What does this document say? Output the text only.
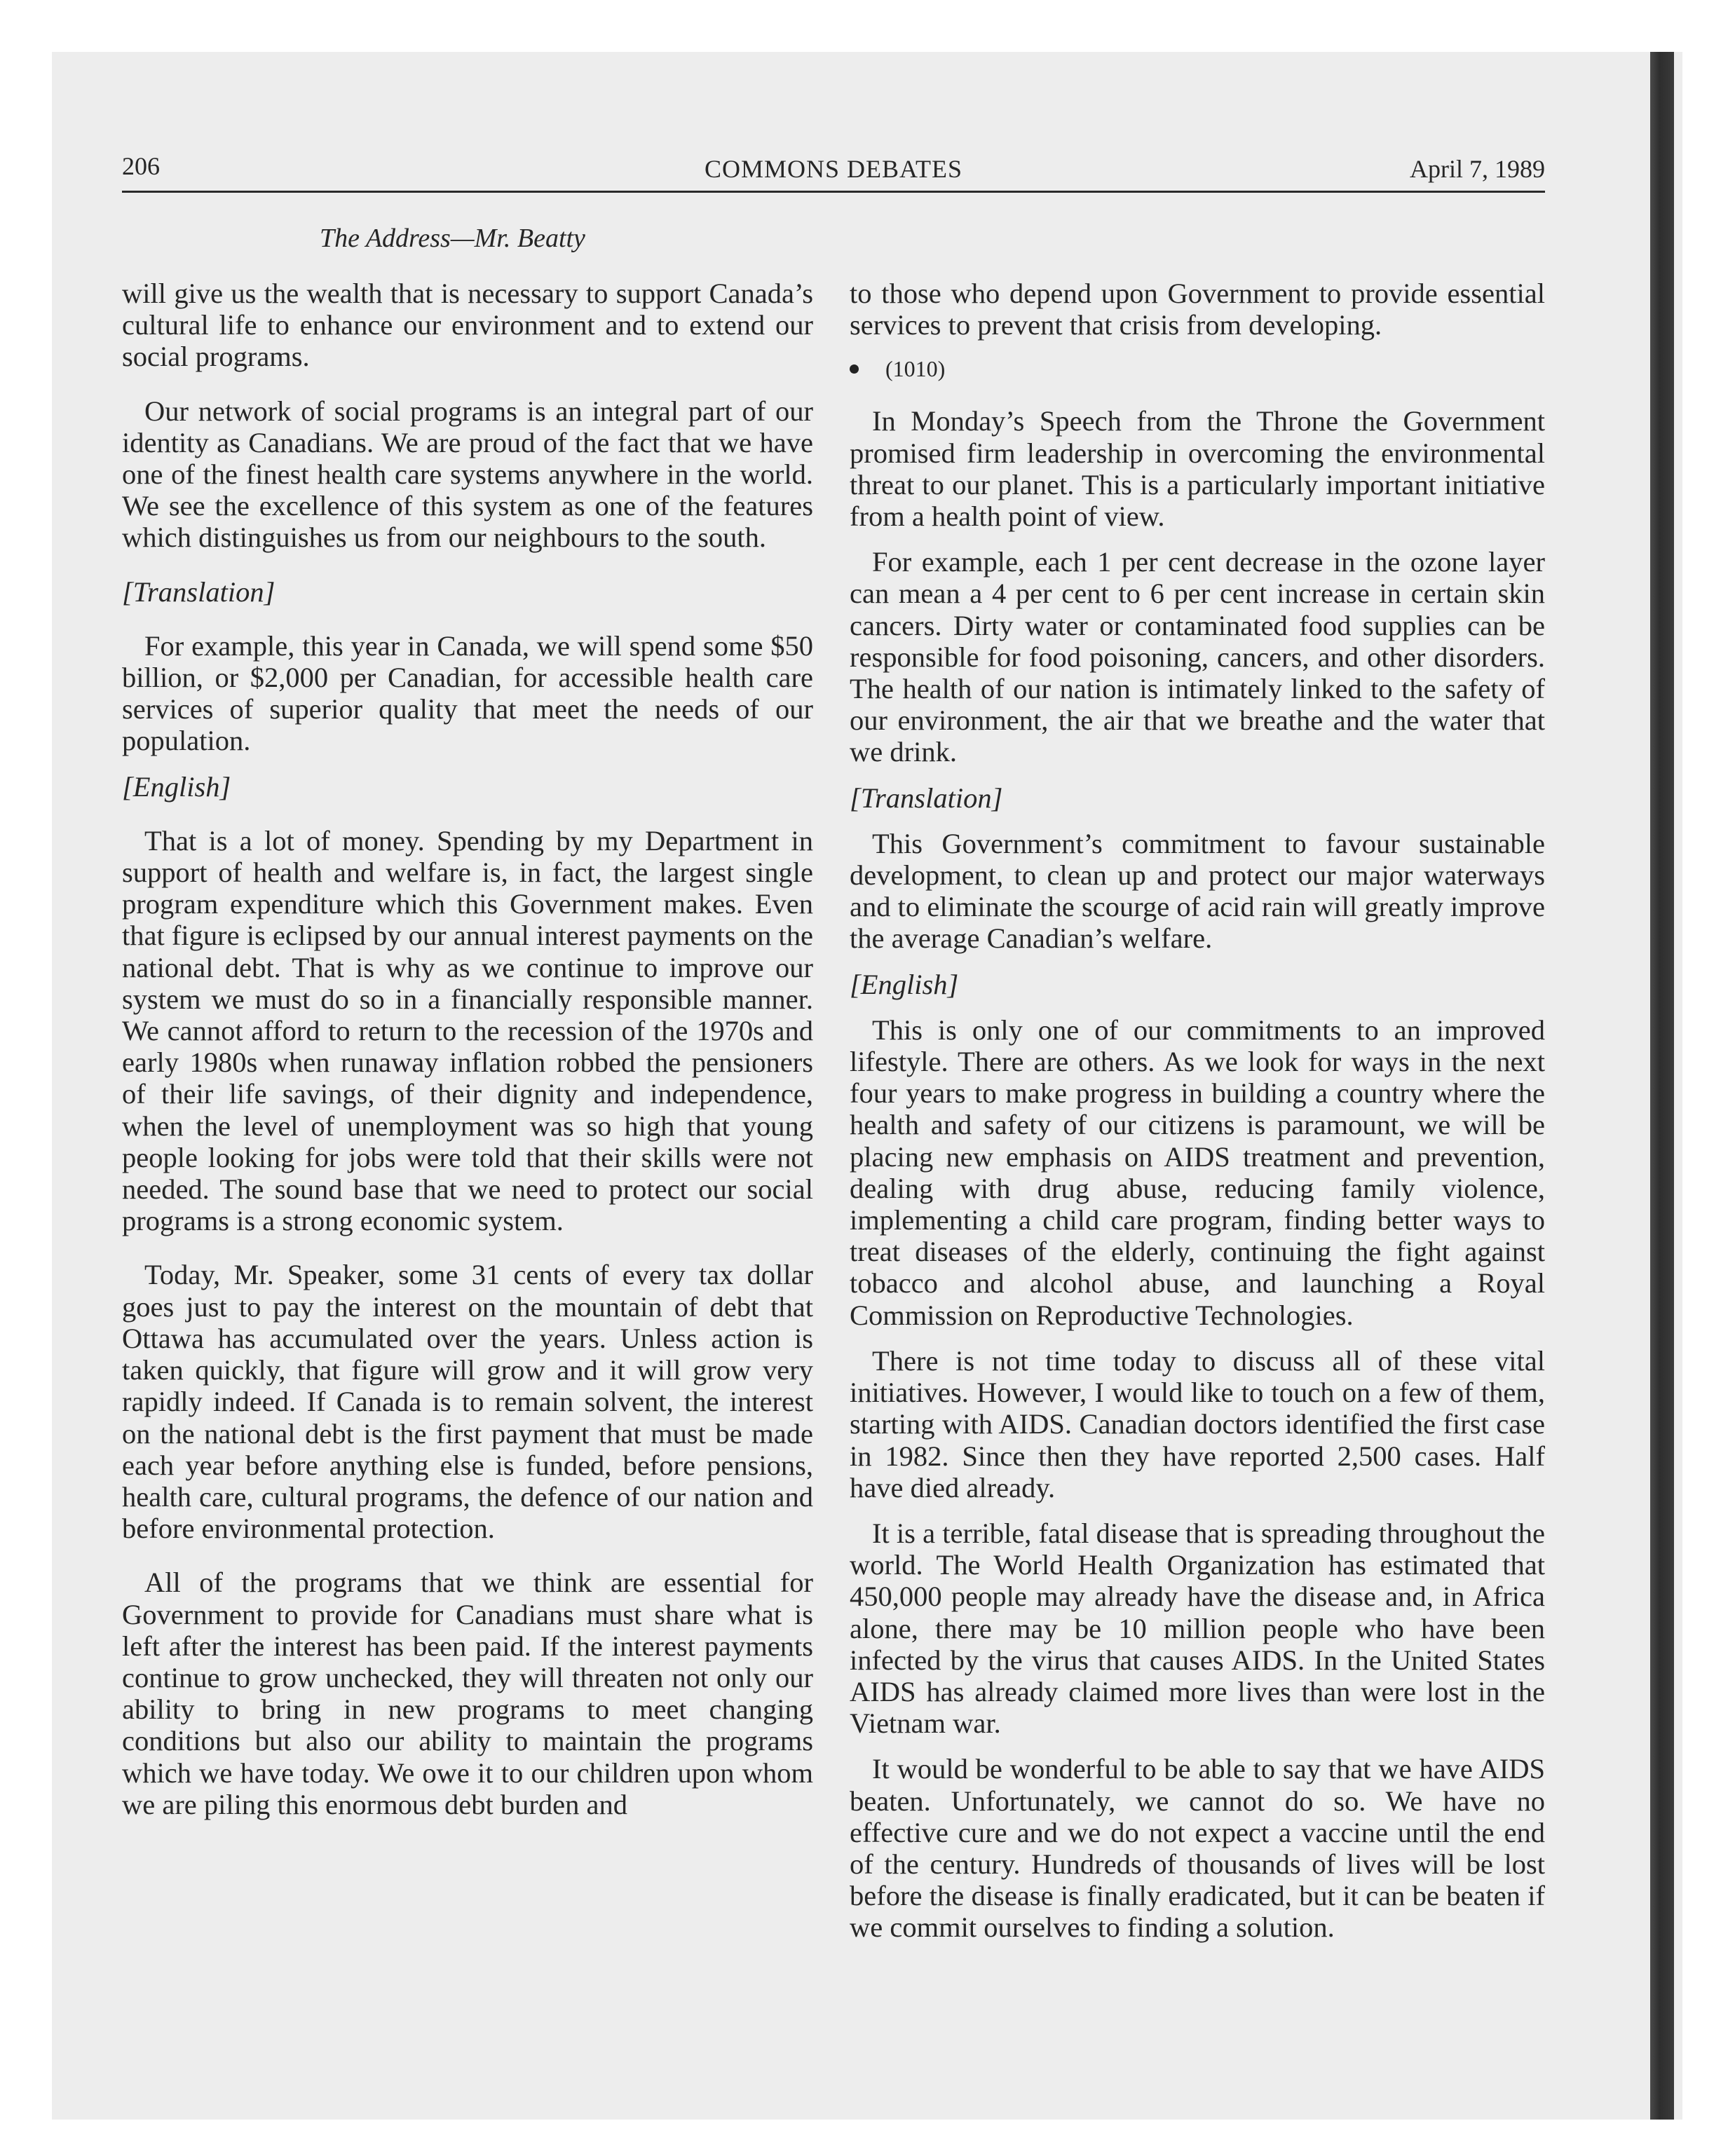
206	COMMONS DEBATES	April 7, 1989
The Address—Mr. Beatty

will give us the wealth that is necessary to support Canada’s cultural life to enhance our environment and to extend our social programs.

Our network of social programs is an integral part of our identity as Canadians. We are proud of the fact that we have one of the finest health care systems anywhere in the world. We see the excellence of this system as one of the features which distinguishes us from our neighbours to the south.

[Translation]

For example, this year in Canada, we will spend some $50 billion, or $2,000 per Canadian, for accessible health care services of superior quality that meet the needs of our population.

[English]

That is a lot of money. Spending by my Department in support of health and welfare is, in fact, the largest single program expenditure which this Government makes. Even that figure is eclipsed by our annual interest payments on the national debt. That is why as we continue to improve our system we must do so in a financially responsible manner. We cannot afford to return to the recession of the 1970s and early 1980s when runaway inflation robbed the pensioners of their life savings, of their dignity and independence, when the level of unemployment was so high that young people looking for jobs were told that their skills were not needed. The sound base that we need to protect our social programs is a strong economic system.

Today, Mr. Speaker, some 31 cents of every tax dollar goes just to pay the interest on the mountain of debt that Ottawa has accumulated over the years. Unless action is taken quickly, that figure will grow and it will grow very rapidly indeed. If Canada is to remain solvent, the interest on the national debt is the first payment that must be made each year before anything else is funded, before pensions, health care, cultural programs, the defence of our nation and before environmental protection.

All of the programs that we think are essential for Government to provide for Canadians must share what is left after the interest has been paid. If the interest payments continue to grow unchecked, they will threaten not only our ability to bring in new programs to meet changing conditions but also our ability to maintain the programs which we have today. We owe it to our children upon whom we are piling this enormous debt burden and

to those who depend upon Government to provide essential services to prevent that crisis from developing.

(1010)

In Monday’s Speech from the Throne the Government promised firm leadership in overcoming the environmental threat to our planet. This is a particularly important initiative from a health point of view.

For example, each 1 per cent decrease in the ozone layer can mean a 4 per cent to 6 per cent increase in certain skin cancers. Dirty water or contaminated food supplies can be responsible for food poisoning, cancers, and other disorders. The health of our nation is intimately linked to the safety of our environment, the air that we breathe and the water that we drink.

[Translation]

This Government’s commitment to favour sustainable development, to clean up and protect our major waterways and to eliminate the scourge of acid rain will greatly improve the average Canadian’s welfare.

[English]

This is only one of our commitments to an improved lifestyle. There are others. As we look for ways in the next four years to make progress in building a country where the health and safety of our citizens is paramount, we will be placing new emphasis on AIDS treatment and prevention, dealing with drug abuse, reducing family violence, implementing a child care program, finding better ways to treat diseases of the elderly, continuing the fight against tobacco and alcohol abuse, and launching a Royal Commission on Reproductive Technologies.

There is not time today to discuss all of these vital initiatives. However, I would like to touch on a few of them, starting with AIDS. Canadian doctors identified the first case in 1982. Since then they have reported 2,500 cases. Half have died already.

It is a terrible, fatal disease that is spreading throughout the world. The World Health Organization has estimated that 450,000 people may already have the disease and, in Africa alone, there may be 10 million people who have been infected by the virus that causes AIDS. In the United States AIDS has already claimed more lives than were lost in the Vietnam war.

It would be wonderful to be able to say that we have AIDS beaten. Unfortunately, we cannot do so. We have no effective cure and we do not expect a vaccine until the end of the century. Hundreds of thousands of lives will be lost before the disease is finally eradicated, but it can be beaten if we commit ourselves to finding a solution.
